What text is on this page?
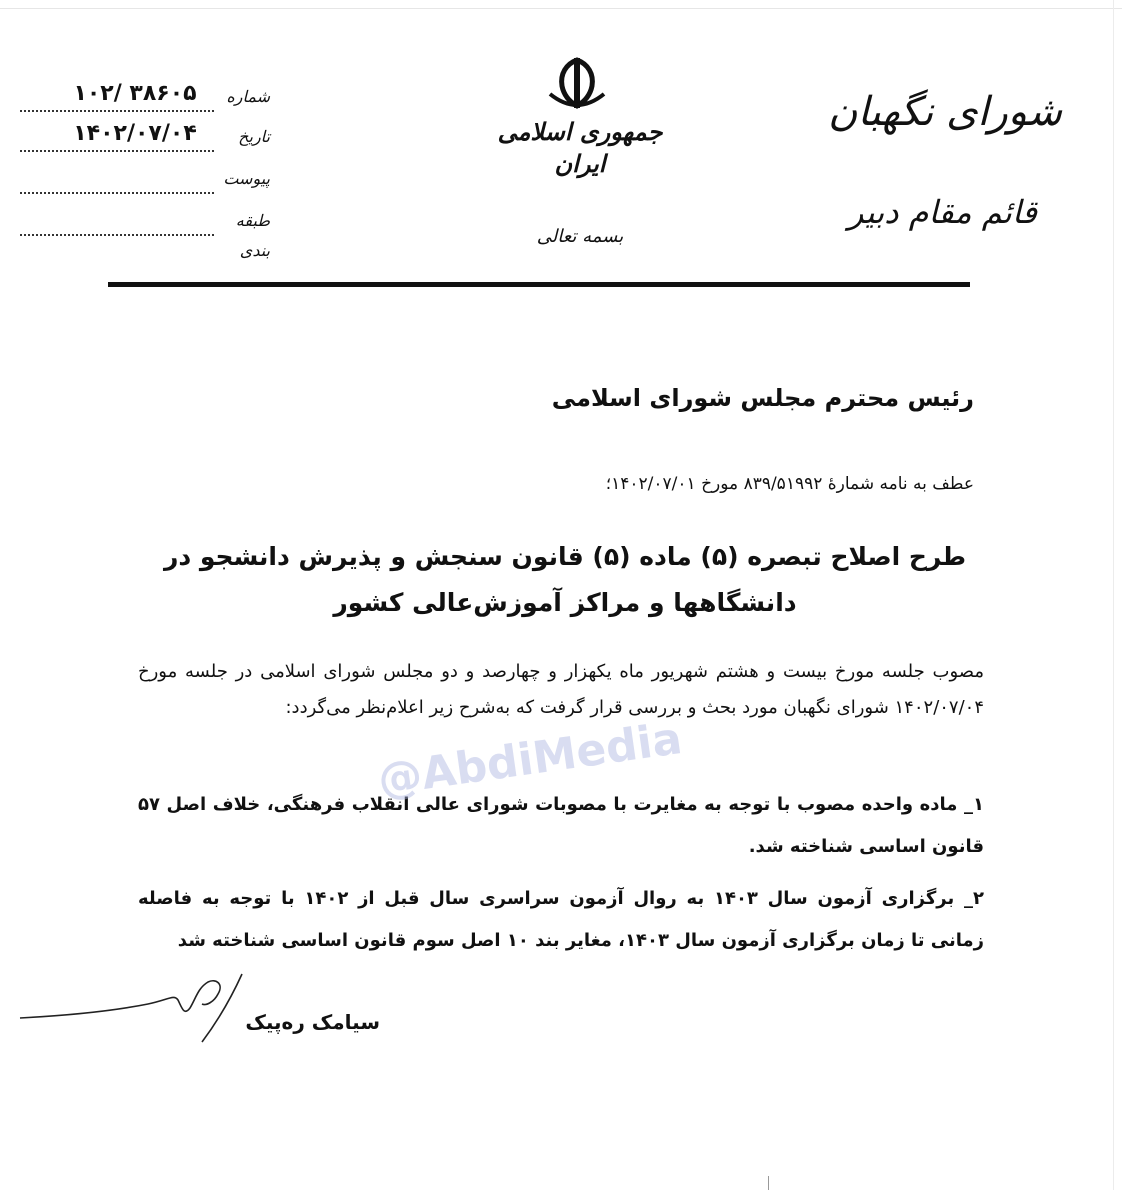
شورای نگهبان
قائم مقام دبیر
جمهوری اسلامی ایران
بسمه تعالی
شماره
۱۰۲/ ۳۸۶۰۵
تاریخ
۱۴۰۲/۰۷/۰۴
پیوست
طبقه بندی
رئیس محترم مجلس شورای اسلامی
عطف به نامه شمارهٔ ۸۳۹/۵۱۹۹۲ مورخ ۱۴۰۲/۰۷/۰۱؛
طرح اصلاح تبصره (۵) ماده (۵) قانون سنجش و پذیرش دانشجو در
دانشگاهها و مراکز آموزش‌عالی کشور
مصوب جلسه مورخ بیست و هشتم شهریور ماه یکهزار و چهارصد و دو مجلس شورای اسلامی در جلسه مورخ ۱۴۰۲/۰۷/۰۴ شورای نگهبان مورد بحث و بررسی قرار گرفت که به‌شرح زیر اعلام‌نظر می‌گردد:
۱_ ماده واحده مصوب با توجه به مغایرت با مصوبات شورای عالی انقلاب فرهنگی، خلاف اصل ۵۷ قانون اساسی شناخته شد.
۲_ برگزاری آزمون سال ۱۴۰۳ به روال آزمون سراسری سال قبل از ۱۴۰۲ با توجه به فاصله زمانی تا زمان برگزاری آزمون سال ۱۴۰۳، مغایر بند ۱۰ اصل سوم قانون اساسی شناخته شد
سیامک ره‌پیک
@AbdiMedia
